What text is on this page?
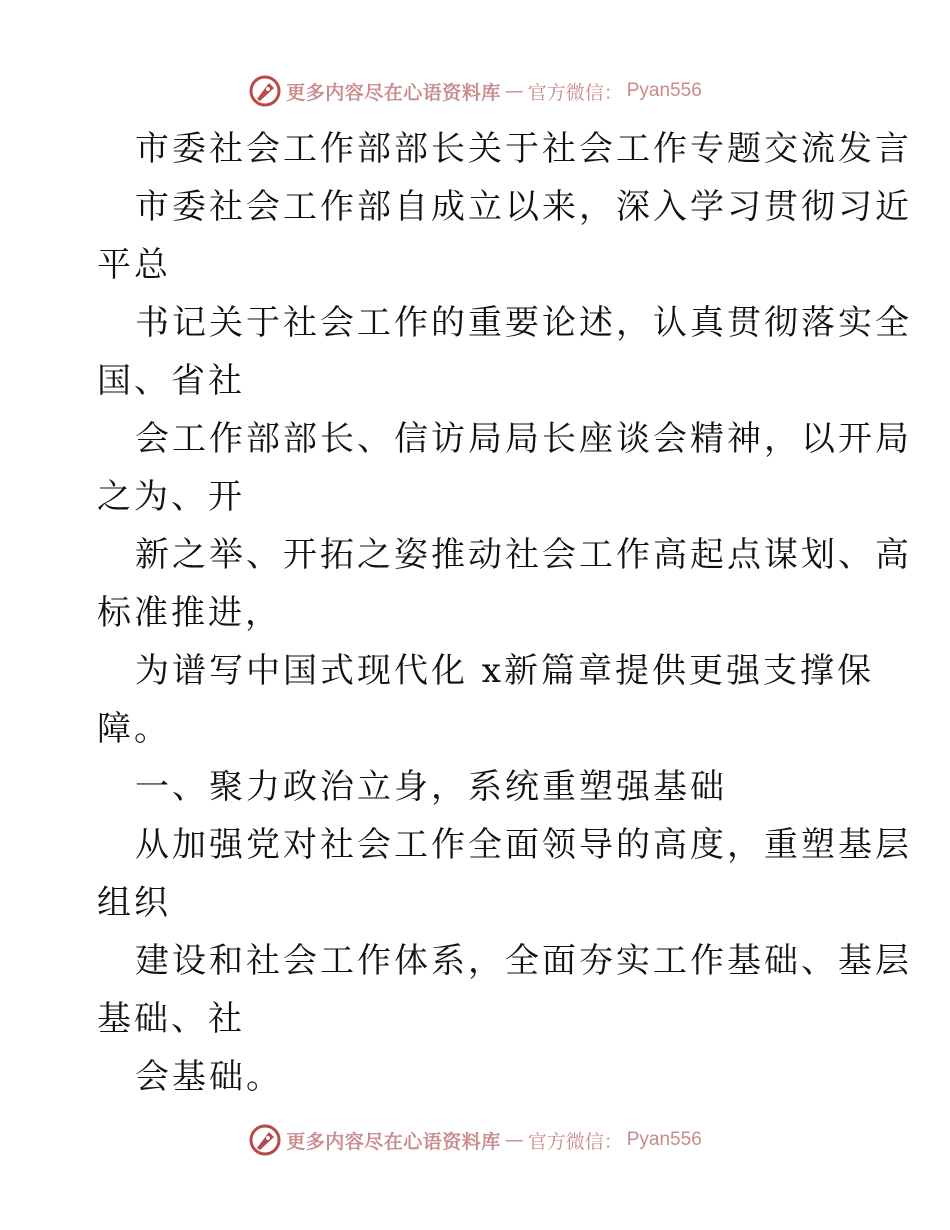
更多内容尽在心语资料库 — 官方微信： Pyan556
市委社会工作部部长关于社会工作专题交流发言
市委社会工作部自成立以来，深入学习贯彻习近
平总
书记关于社会工作的重要论述，认真贯彻落实全
国、省社
会工作部部长、信访局局长座谈会精神，以开局
之为、开
新之举、开拓之姿推动社会工作高起点谋划、高
标准推进，
为谱写中国式现代化 x新篇章提供更强支撑保
障。
一、聚力政治立身，系统重塑强基础
从加强党对社会工作全面领导的高度，重塑基层
组织
建设和社会工作体系，全面夯实工作基础、基层
基础、社
会基础。
更多内容尽在心语资料库 — 官方微信： Pyan556
